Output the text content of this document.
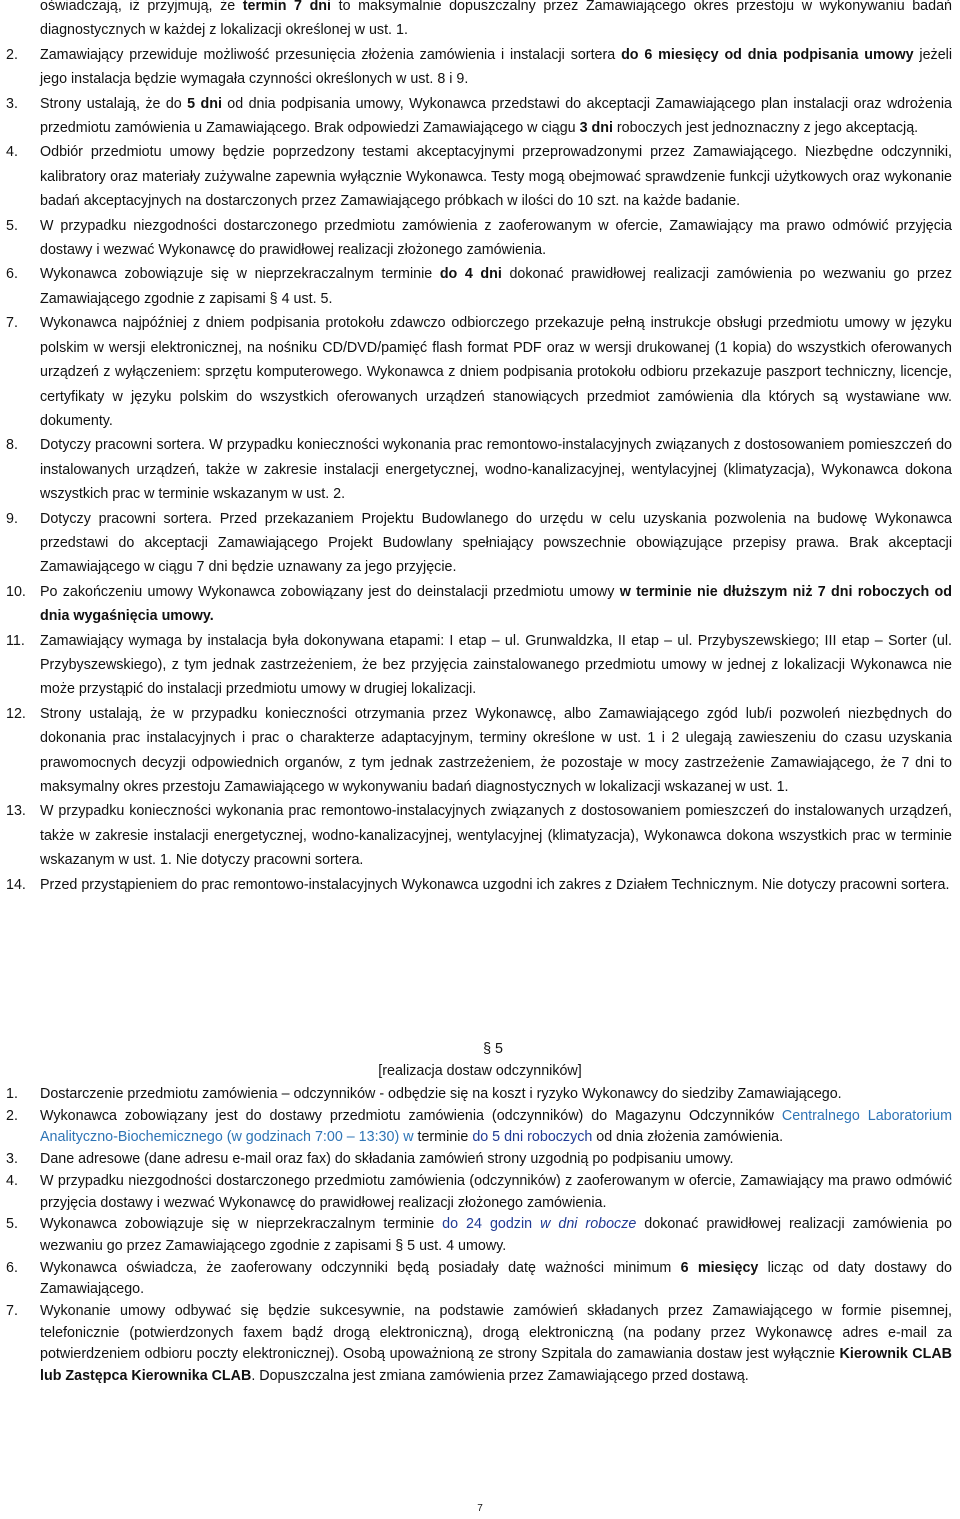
oświadczają, iż przyjmują, że termin 7 dni to maksymalnie dopuszczalny przez Zamawiającego okres przestoju w wykonywaniu badań diagnostycznych w każdej z lokalizacji określonej w ust. 1.
2.	Zamawiający przewiduje możliwość przesunięcia złożenia zamówienia i instalacji sortera do 6 miesięcy od dnia podpisania umowy jeżeli jego instalacja będzie wymagała czynności określonych w ust. 8 i 9.
3.	Strony ustalają, że do 5 dni od dnia podpisania umowy, Wykonawca przedstawi do akceptacji Zamawiającego plan instalacji oraz wdrożenia przedmiotu zamówienia u Zamawiającego. Brak odpowiedzi Zamawiającego w ciągu 3 dni roboczych jest jednoznaczny z jego akceptacją.
4.	Odbiór przedmiotu umowy będzie poprzedzony testami akceptacyjnymi przeprowadzonymi przez Zamawiającego. Niezbędne odczynniki, kalibratory oraz materiały zużywalne zapewnia wyłącznie Wykonawca. Testy mogą obejmować sprawdzenie funkcji użytkowych oraz wykonanie badań akceptacyjnych na dostarczonych przez Zamawiającego próbkach w ilości do 10 szt. na każde badanie.
5.	W przypadku niezgodności dostarczonego przedmiotu zamówienia z zaoferowanym w ofercie, Zamawiający ma prawo odmówić przyjęcia dostawy i wezwać Wykonawcę do prawidłowej realizacji złożonego zamówienia.
6.	Wykonawca zobowiązuje się w nieprzekraczalnym terminie do 4 dni dokonać prawidłowej realizacji zamówienia po wezwaniu go przez Zamawiającego zgodnie z zapisami § 4 ust. 5.
7.	Wykonawca najpóźniej z dniem podpisania protokołu zdawczo odbiorczego przekazuje pełną instrukcje obsługi przedmiotu umowy w języku polskim w wersji elektronicznej, na nośniku CD/DVD/pamięć flash format PDF oraz w wersji drukowanej (1 kopia) do wszystkich oferowanych urządzeń z wyłączeniem: sprzętu komputerowego. Wykonawca z dniem podpisania protokołu odbioru przekazuje paszport techniczny, licencje, certyfikaty w języku polskim do wszystkich oferowanych urządzeń stanowiących przedmiot zamówienia dla których są wystawiane ww. dokumenty.
8.	Dotyczy pracowni sortera. W przypadku konieczności wykonania prac remontowo-instalacyjnych związanych z dostosowaniem pomieszczeń do instalowanych urządzeń, także w zakresie instalacji energetycznej, wodno-kanalizacyjnej, wentylacyjnej (klimatyzacja), Wykonawca dokona wszystkich prac w terminie wskazanym w ust. 2.
9.	Dotyczy pracowni sortera. Przed przekazaniem Projektu Budowlanego do urzędu w celu uzyskania pozwolenia na budowę Wykonawca przedstawi do akceptacji Zamawiającego Projekt Budowlany spełniający powszechnie obowiązujące przepisy prawa. Brak akceptacji Zamawiającego w ciągu 7 dni będzie uznawany za jego przyjęcie.
10. Po zakończeniu umowy Wykonawca zobowiązany jest do deinstalacji przedmiotu umowy w terminie nie dłuższym niż 7 dni roboczych od dnia wygaśnięcia umowy.
11.	Zamawiający wymaga by instalacja była dokonywana etapami: I etap – ul. Grunwaldzka, II etap – ul. Przybyszewskiego; III etap – Sorter (ul. Przybyszewskiego), z tym jednak zastrzeżeniem, że bez przyjęcia zainstalowanego przedmiotu umowy w jednej z lokalizacji Wykonawca nie może przystąpić do instalacji przedmiotu umowy w drugiej lokalizacji.
12. Strony ustalają, że w przypadku konieczności otrzymania przez Wykonawcę, albo Zamawiającego zgód lub/i pozwoleń niezbędnych do dokonania prac instalacyjnych i prac o charakterze adaptacyjnym, terminy określone w ust. 1 i 2 ulegają zawieszeniu do czasu uzyskania prawomocnych decyzji odpowiednich organów, z tym jednak zastrzeżeniem, że pozostaje w mocy zastrzeżenie Zamawiającego, że 7 dni to maksymalny okres przestoju Zamawiającego w wykonywaniu badań diagnostycznych w lokalizacji wskazanej w ust. 1.
13. W przypadku konieczności wykonania prac remontowo-instalacyjnych związanych z dostosowaniem pomieszczeń do instalowanych urządzeń, także w zakresie instalacji energetycznej, wodno-kanalizacyjnej, wentylacyjnej (klimatyzacja), Wykonawca dokona wszystkich prac w terminie wskazanym w ust. 1. Nie dotyczy pracowni sortera.
14. Przed przystąpieniem do prac remontowo-instalacyjnych Wykonawca uzgodni ich zakres z Działem Technicznym. Nie dotyczy pracowni sortera.
§ 5
[realizacja dostaw odczynników]
1.	Dostarczenie przedmiotu zamówienia – odczynników - odbędzie się na koszt i ryzyko Wykonawcy do siedziby Zamawiającego.
2.	Wykonawca zobowiązany jest do dostawy przedmiotu zamówienia (odczynników) do Magazynu Odczynników Centralnego Laboratorium Analityczno-Biochemicznego (w godzinach 7:00 – 13:30) w terminie do 5 dni roboczych od dnia złożenia zamówienia.
3.	Dane adresowe (dane adresu e-mail oraz fax) do składania zamówień strony uzgodnią po podpisaniu umowy.
4.	W przypadku niezgodności dostarczonego przedmiotu zamówienia (odczynników) z zaoferowanym w ofercie, Zamawiający ma prawo odmówić przyjęcia dostawy i wezwać Wykonawcę do prawidłowej realizacji złożonego zamówienia.
5.	Wykonawca zobowiązuje się w nieprzekraczalnym terminie do 24 godzin w dni robocze dokonać prawidłowej realizacji zamówienia po wezwaniu go przez Zamawiającego zgodnie z zapisami § 5 ust. 4 umowy.
6.	Wykonawca oświadcza, że zaoferowany odczynniki będą posiadały datę ważności minimum 6 miesięcy licząc od daty dostawy do Zamawiającego.
7.	Wykonanie umowy odbywać się będzie sukcesywnie, na podstawie zamówień składanych przez Zamawiającego w formie pisemnej, telefonicznie (potwierdzonych faxem bądź drogą elektroniczną), drogą elektroniczną (na podany przez Wykonawcę adres e-mail za potwierdzeniem odbioru poczty elektronicznej). Osobą upoważnioną ze strony Szpitala do zamawiania dostaw jest wyłącznie Kierownik CLAB lub Zastępca Kierownika CLAB. Dopuszczalna jest zmiana zamówienia przez Zamawiającego przed dostawą.
7
